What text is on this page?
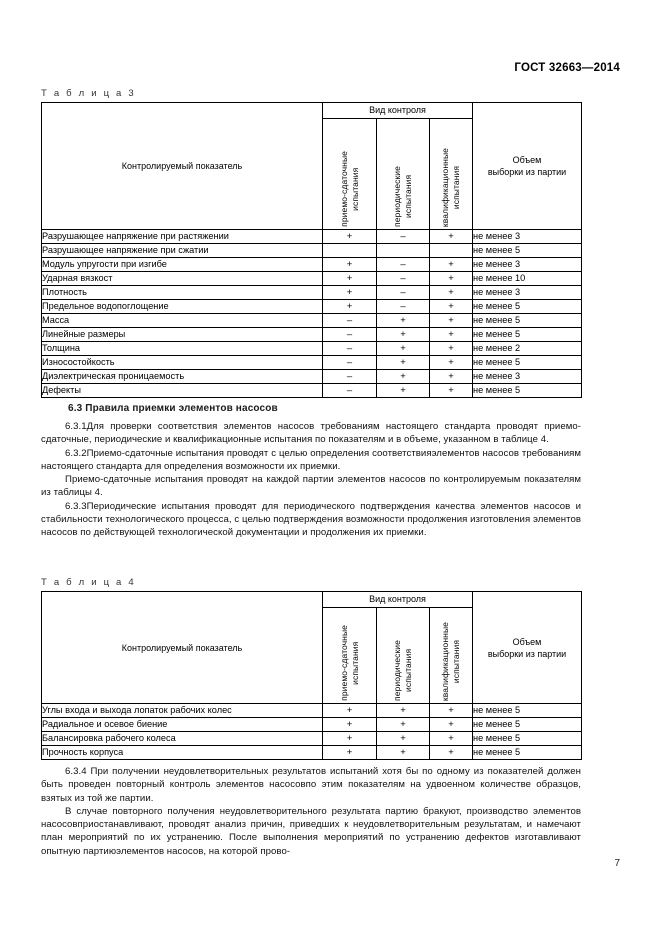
ГОСТ 32663—2014
Т а б л и ц а 3
Контролируемый показатель	Вид контроля			Объем
выборки из партии

	приемо-сдаточные испытания	периодические испытания	квалификационные испытания	

Разрушающее напряжение при растяжении	+	–	+	не менее 3
Разрушающее напряжение при сжатии				не менее 5
Модуль упругости при изгибе	+	–	+	не менее 3
Ударная вязкост	+	–	+	не менее 10
Плотность	+	–	+	не менее 3
Предельное водопоглощение	+	–	+	не менее 5
Масса	–	+	+	не менее 5
Линейные размеры	–	+	+	не менее 5
Толщина	–	+	+	не менее 2
Износостойкость	–	+	+	не менее 5
Диэлектрическая проницаемость	–	+	+	не менее 3
Дефекты	–	+	+	не менее 5
6.3 Правила приемки элементов насосов

6.3.1Для проверки соответствия элементов насосов требованиям настоящего стандарта проводят приемо-сдаточные, периодические и квалификационные испытания по показателям и в объеме, указанном в таблице 4.

6.3.2Приемо-сдаточные испытания проводят с целью определения соответствияэлементов насосов требованиям настоящего стандарта для определения возможности их приемки.

Приемо-сдаточные испытания проводят на каждой партии элементов насосов по контролируемым показателям из таблицы 4.

6.3.3Периодические испытания проводят для периодического подтверждения качества элементов насосов и стабильности технологического процесса, с целью подтверждения возможности продолжения изготовления элементов насосов по действующей технологической документации и продолжения их приемки.

Т а б л и ц а 4
Контролируемый показатель	Вид контроля			Объем
выборки из партии

	приемо-сдаточные испытания	периодические испытания	квалификационные испытания	

Углы входа и выхода лопаток рабочих колес	+	+	+	не менее 5
Радиальное и осевое биение	+	+	+	не менее 5
Балансировка рабочего колеса	+	+	+	не менее 5
Прочность корпуса	+	+	+	не менее 5

6.3.4 При получении неудовлетворительных результатов испытаний хотя бы по одному из показателей должен быть проведен повторный контроль элементов насосовпо этим показателям на удвоенном количестве образцов, взятых из той же партии.

В случае повторного получения неудовлетворительного результата партию бракуют, производство элементов насосовприостанавливают, проводят анализ причин, приведших к неудовлетворительным результатам, и намечают план мероприятий по их устранению. После выполнения мероприятий по устранению дефектов изготавливают опытную партиюэлементов насосов, на которой прово-

7
